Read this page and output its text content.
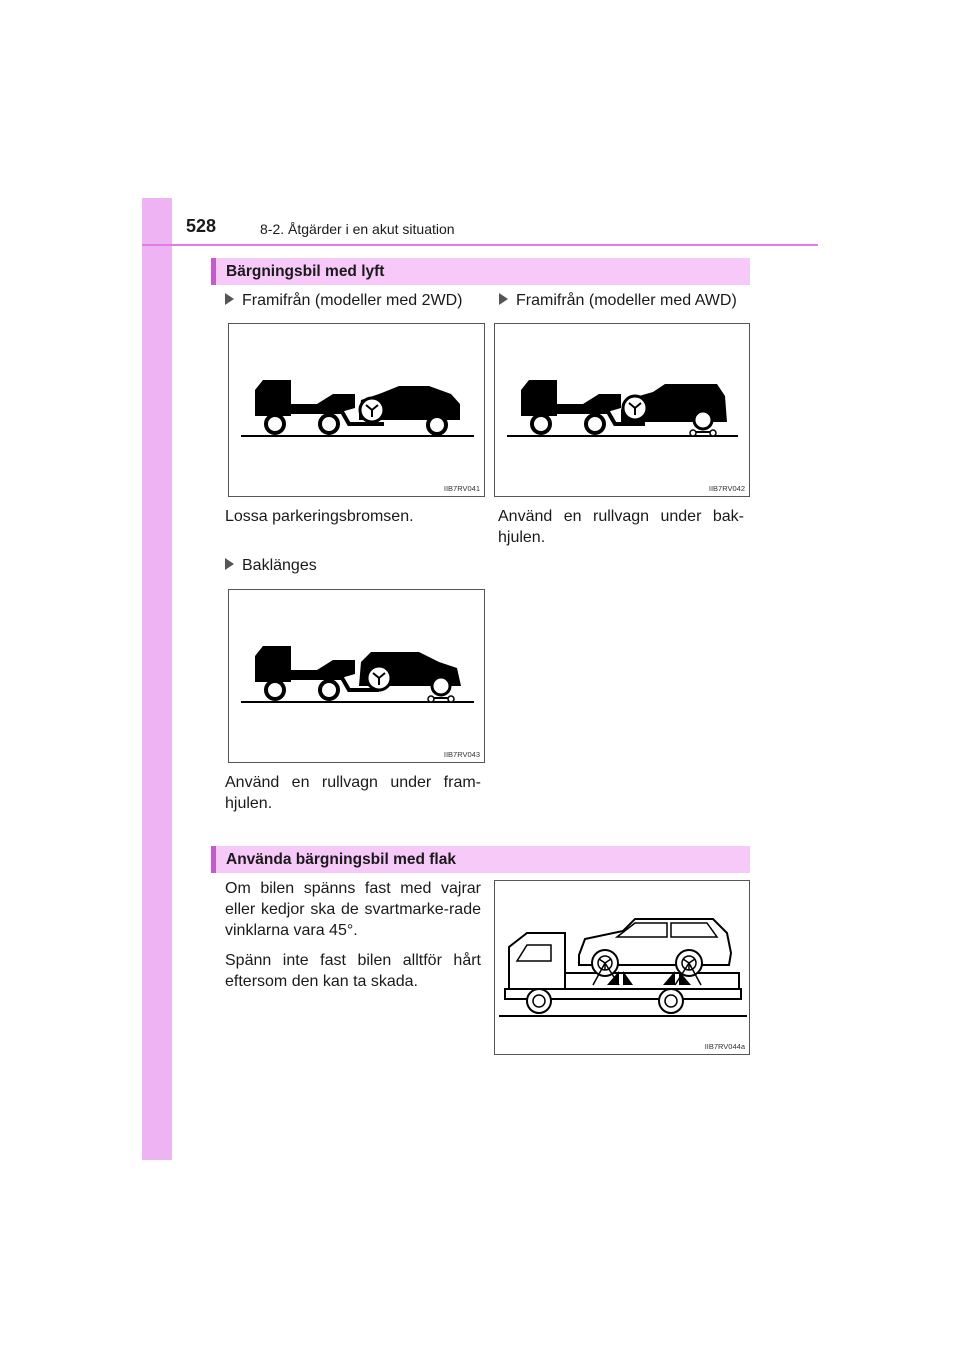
528	8-2. Åtgärder i en akut situation
Bärgningsbil med lyft
Framifrån (modeller med 2WD)	Framifrån (modeller med AWD)
IIB7RV041	IIB7RV042

Lossa parkeringsbromsen.	Använd en rullvagn under bak-hjulen.

Baklänges
IIB7RV043

Använd en rullvagn under fram-hjulen.

Använda bärgningsbil med flak

Om bilen spänns fast med vajrar eller kedjor ska de svartmarke-rade vinklarna vara 45°.

Spänn inte fast bilen alltför hårt eftersom den kan ta skada.

IIB7RV044a
